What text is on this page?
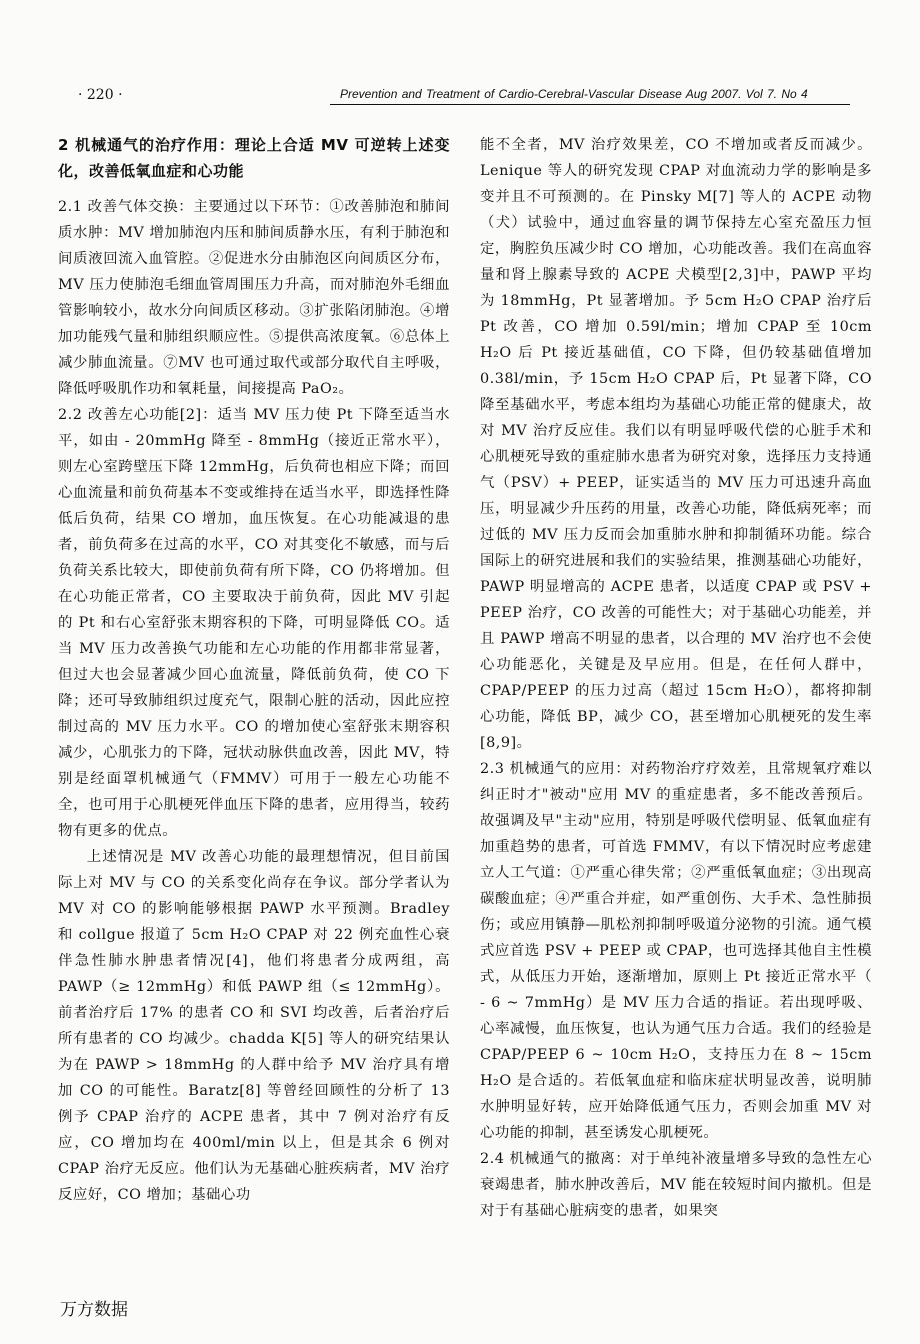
· 220 ·	Prevention and Treatment of Cardio-Cerebral-Vascular Disease Aug 2007. Vol 7. No 4
2 机械通气的治疗作用：理论上合适 MV 可逆转上述变化，改善低氧血症和心功能

2.1 改善气体交换：主要通过以下环节：①改善肺泡和肺间质水肿：MV 增加肺泡内压和肺间质静水压，有利于肺泡和间质液回流入血管腔。②促进水分由肺泡区向间质区分布，MV 压力使肺泡毛细血管周围压力升高，而对肺泡外毛细血管影响较小，故水分向间质区移动。③扩张陷闭肺泡。④增加功能残气量和肺组织顺应性。⑤提供高浓度氧。⑥总体上减少肺血流量。⑦MV 也可通过取代或部分取代自主呼吸，降低呼吸肌作功和氧耗量，间接提高 PaO₂。

2.2 改善左心功能[2]：适当 MV 压力使 Pt 下降至适当水平，如由 - 20mmHg 降至 - 8mmHg（接近正常水平），则左心室跨壁压下降 12mmHg，后负荷也相应下降；而回心血流量和前负荷基本不变或维持在适当水平，即选择性降低后负荷，结果 CO 增加，血压恢复。在心功能减退的患者，前负荷多在过高的水平，CO 对其变化不敏感，而与后负荷关系比较大，即使前负荷有所下降，CO 仍将增加。但在心功能正常者，CO 主要取决于前负荷，因此 MV 引起的 Pt 和右心室舒张末期容积的下降，可明显降低 CO。适当 MV 压力改善换气功能和左心功能的作用都非常显著，但过大也会显著减少回心血流量，降低前负荷，使 CO 下降；还可导致肺组织过度充气，限制心脏的活动，因此应控制过高的 MV 压力水平。CO 的增加使心室舒张末期容积减少，心肌张力的下降，冠状动脉供血改善，因此 MV，特别是经面罩机械通气（FMMV）可用于一般左心功能不全，也可用于心肌梗死伴血压下降的患者，应用得当，较药物有更多的优点。

上述情况是 MV 改善心功能的最理想情况，但目前国际上对 MV 与 CO 的关系变化尚存在争议。部分学者认为 MV 对 CO 的影响能够根据 PAWP 水平预测。Bradley 和 collgue 报道了 5cm H₂O CPAP 对 22 例充血性心衰伴急性肺水肿患者情况[4]，他们将患者分成两组，高 PAWP（≥ 12mmHg）和低 PAWP 组（≤ 12mmHg）。前者治疗后 17% 的患者 CO 和 SVI 均改善，后者治疗后所有患者的 CO 均减少。chadda K[5] 等人的研究结果认为在 PAWP > 18mmHg 的人群中给予 MV 治疗具有增加 CO 的可能性。Baratz[8] 等曾经回顾性的分析了 13 例予 CPAP 治疗的 ACPE 患者，其中 7 例对治疗有反应，CO 增加均在 400ml/min 以上，但是其余 6 例对 CPAP 治疗无反应。他们认为无基础心脏疾病者，MV 治疗反应好，CO 增加；基础心功

能不全者，MV 治疗效果差，CO 不增加或者反而减少。Lenique 等人的研究发现 CPAP 对血流动力学的影响是多变并且不可预测的。在 Pinsky M[7] 等人的 ACPE 动物（犬）试验中，通过血容量的调节保持左心室充盈压力恒定，胸腔负压减少时 CO 增加，心功能改善。我们在高血容量和肾上腺素导致的 ACPE 犬模型[2,3]中，PAWP 平均为 18mmHg，Pt 显著增加。予 5cm H₂O CPAP 治疗后 Pt 改善，CO 增加 0.59l/min；增加 CPAP 至 10cm H₂O 后 Pt 接近基础值，CO 下降，但仍较基础值增加 0.38l/min，予 15cm H₂O CPAP 后，Pt 显著下降，CO 降至基础水平，考虑本组均为基础心功能正常的健康犬，故对 MV 治疗反应佳。我们以有明显呼吸代偿的心脏手术和心肌梗死导致的重症肺水患者为研究对象，选择压力支持通气（PSV）+ PEEP，证实适当的 MV 压力可迅速升高血压，明显减少升压药的用量，改善心功能，降低病死率；而过低的 MV 压力反而会加重肺水肿和抑制循环功能。综合国际上的研究进展和我们的实验结果，推测基础心功能好，PAWP 明显增高的 ACPE 患者，以适度 CPAP 或 PSV + PEEP 治疗，CO 改善的可能性大；对于基础心功能差，并且 PAWP 增高不明显的患者，以合理的 MV 治疗也不会使心功能恶化，关键是及早应用。但是，在任何人群中，CPAP/PEEP 的压力过高（超过 15cm H₂O），都将抑制心功能，降低 BP，减少 CO，甚至增加心肌梗死的发生率[8,9]。

2.3 机械通气的应用：对药物治疗疗效差，且常规氧疗难以纠正时才"被动"应用 MV 的重症患者，多不能改善预后。故强调及早"主动"应用，特别是呼吸代偿明显、低氧血症有加重趋势的患者，可首选 FMMV，有以下情况时应考虑建立人工气道：①严重心律失常；②严重低氧血症；③出现高碳酸血症；④严重合并症，如严重创伤、大手术、急性肺损伤；或应用镇静—肌松剂抑制呼吸道分泌物的引流。通气模式应首选 PSV + PEEP 或 CPAP，也可选择其他自主性模式，从低压力开始，逐渐增加，原则上 Pt 接近正常水平（ - 6 ~ 7mmHg）是 MV 压力合适的指证。若出现呼吸、心率减慢，血压恢复，也认为通气压力合适。我们的经验是 CPAP/PEEP 6 ~ 10cm H₂O，支持压力在 8 ~ 15cm H₂O 是合适的。若低氧血症和临床症状明显改善，说明肺水肿明显好转，应开始降低通气压力，否则会加重 MV 对心功能的抑制，甚至诱发心肌梗死。

2.4 机械通气的撤离：对于单纯补液量增多导致的急性左心衰竭患者，肺水肿改善后，MV 能在较短时间内撤机。但是对于有基础心脏病变的患者，如果突

万方数据
